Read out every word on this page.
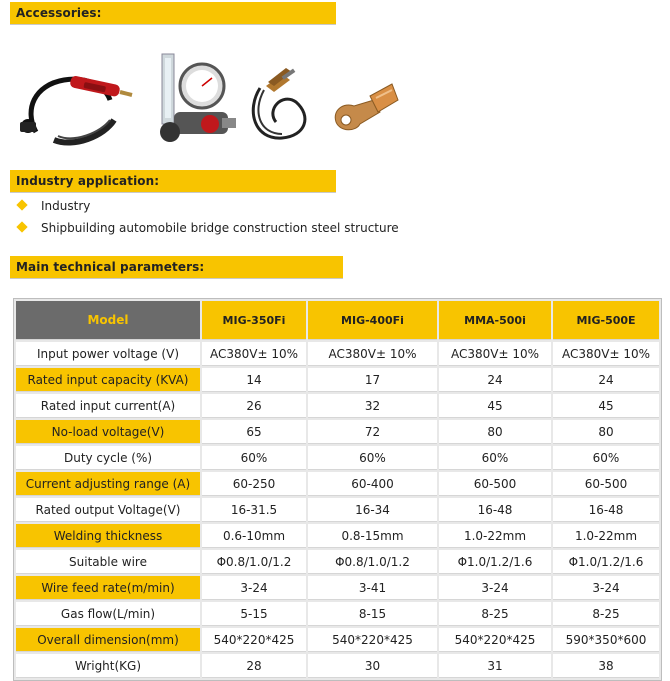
Accessories:
Industry application:
Industry
Shipbuilding automobile bridge construction steel structure
Main technical parameters:
Model	MIG-350Fi	MIG-400Fi	MMA-500i	MIG-500E
Input power voltage (V)	AC380V± 10%	AC380V± 10%	AC380V± 10%	AC380V± 10%
Rated input capacity (KVA)	14	17	24	24
Rated input current(A)	26	32	45	45
No-load voltage(V)	65	72	80	80
Duty cycle (%)	60%	60%	60%	60%
Current adjusting range (A)	60-250	60-400	60-500	60-500
Rated output Voltage(V)	16-31.5	16-34	16-48	16-48
Welding thickness	0.6-10mm	0.8-15mm	1.0-22mm	1.0-22mm
Suitable wire	Φ0.8/1.0/1.2	Φ0.8/1.0/1.2	Φ1.0/1.2/1.6	Φ1.0/1.2/1.6
Wire feed rate(m/min)	3-24	3-41	3-24	3-24
Gas flow(L/min)	5-15	8-15	8-25	8-25
Overall dimension(mm)	540*220*425	540*220*425	540*220*425	590*350*600
Wright(KG)	28	30	31	38
